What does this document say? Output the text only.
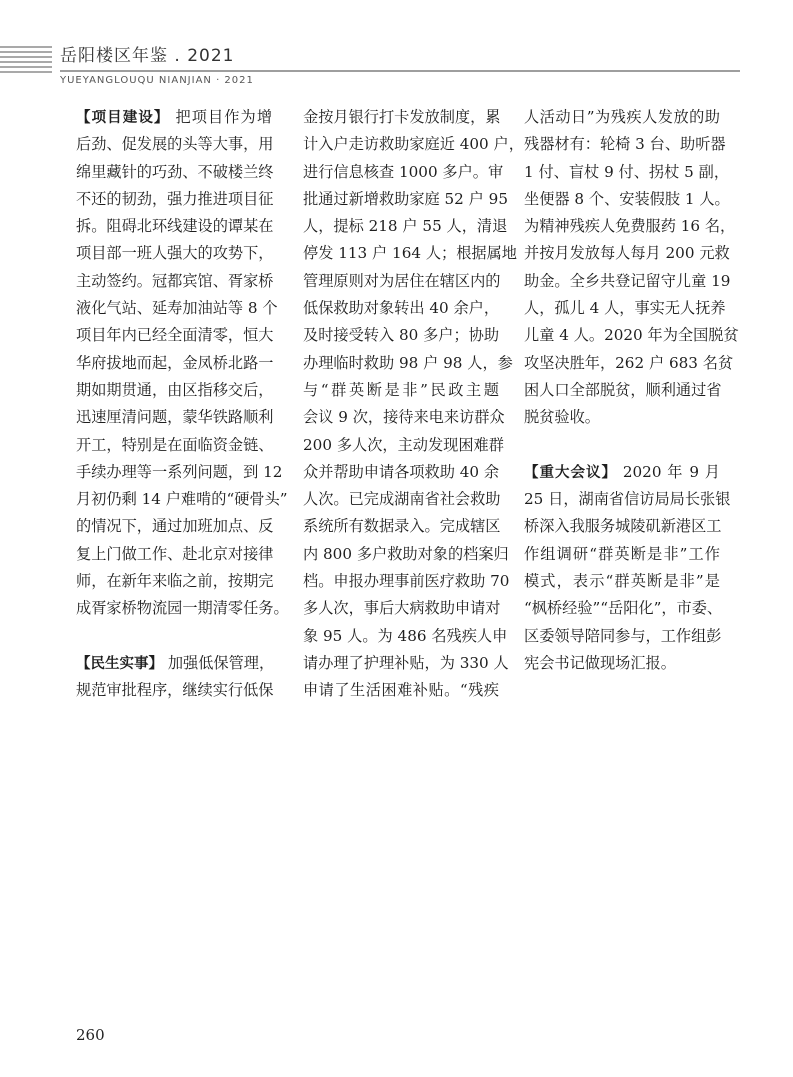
岳阳楼区年鉴 . 2021
YUEYANGLOUQU NIANJIAN · 2021
【项目建设】 把项目作为增
后劲、促发展的头等大事，用
绵里藏针的巧劲、不破楼兰终
不还的韧劲，强力推进项目征
拆。阻碍北环线建设的谭某在
项目部一班人强大的攻势下，
主动签约。冠都宾馆、胥家桥
液化气站、延寿加油站等 8 个
项目年内已经全面清零，恒大
华府拔地而起，金凤桥北路一
期如期贯通，由区指移交后，
迅速厘清问题，蒙华铁路顺利
开工，特别是在面临资金链、
手续办理等一系列问题，到 12
月初仍剩 14 户难啃的“硬骨头”
的情况下，通过加班加点、反
复上门做工作、赴北京对接律
师，在新年来临之前，按期完
成胥家桥物流园一期清零任务。
【民生实事】 加强低保管理，
规范审批程序，继续实行低保
金按月银行打卡发放制度，累
计入户走访救助家庭近 400 户，
进行信息核查 1000 多户。审
批通过新增救助家庭 52 户 95
人，提标 218 户 55 人，清退
停发 113 户 164 人；根据属地
管理原则对为居住在辖区内的
低保救助对象转出 40 余户，
及时接受转入 80 多户；协助
办理临时救助 98 户 98 人，参
与“群英断是非”民政主题
会议 9 次，接待来电来访群众
200 多人次，主动发现困难群
众并帮助申请各项救助 40 余
人次。已完成湖南省社会救助
系统所有数据录入。完成辖区
内 800 多户救助对象的档案归
档。申报办理事前医疗救助 70
多人次，事后大病救助申请对
象 95 人。为 486 名残疾人申
请办理了护理补贴，为 330 人
申请了生活困难补贴。“残疾
人活动日”为残疾人发放的助
残器材有：轮椅 3 台、助听器
1 付、盲杖 9 付、拐杖 5 副，
坐便器 8 个、安装假肢 1 人。
为精神残疾人免费服药 16 名，
并按月发放每人每月 200 元救
助金。全乡共登记留守儿童 19
人，孤儿 4 人，事实无人抚养
儿童 4 人。2020 年为全国脱贫
攻坚决胜年，262 户 683 名贫
困人口全部脱贫，顺利通过省
脱贫验收。
【重大会议】 2020 年 9 月
25 日，湖南省信访局局长张银
桥深入我服务城陵矶新港区工
作组调研“群英断是非”工作
模式，表示“群英断是非”是
“枫桥经验”“岳阳化”，市委、
区委领导陪同参与，工作组彭
宪会书记做现场汇报。
260
